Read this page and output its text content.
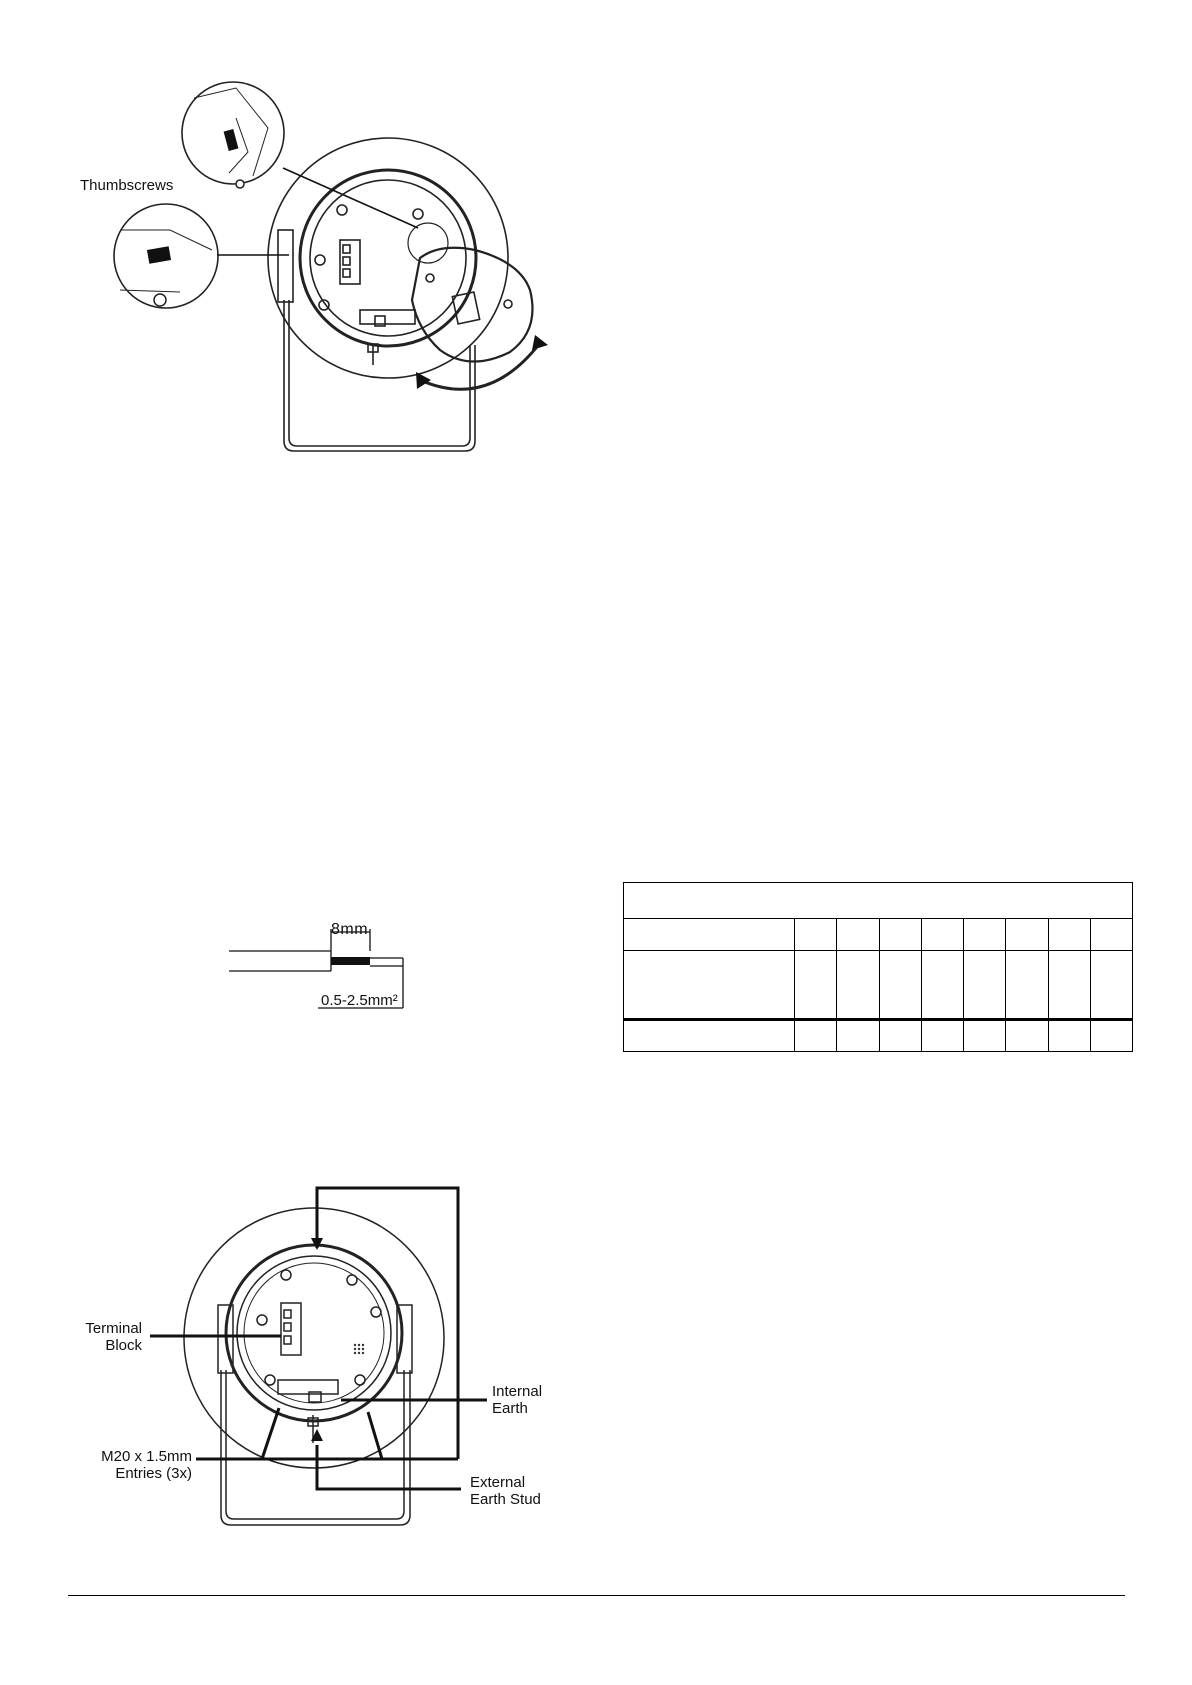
Thumbscrews
8mm
0.5-2.5mm²

Terminal
Block
Internal
Earth
M20 x 1.5mm
Entries (3x)
External
Earth Stud
